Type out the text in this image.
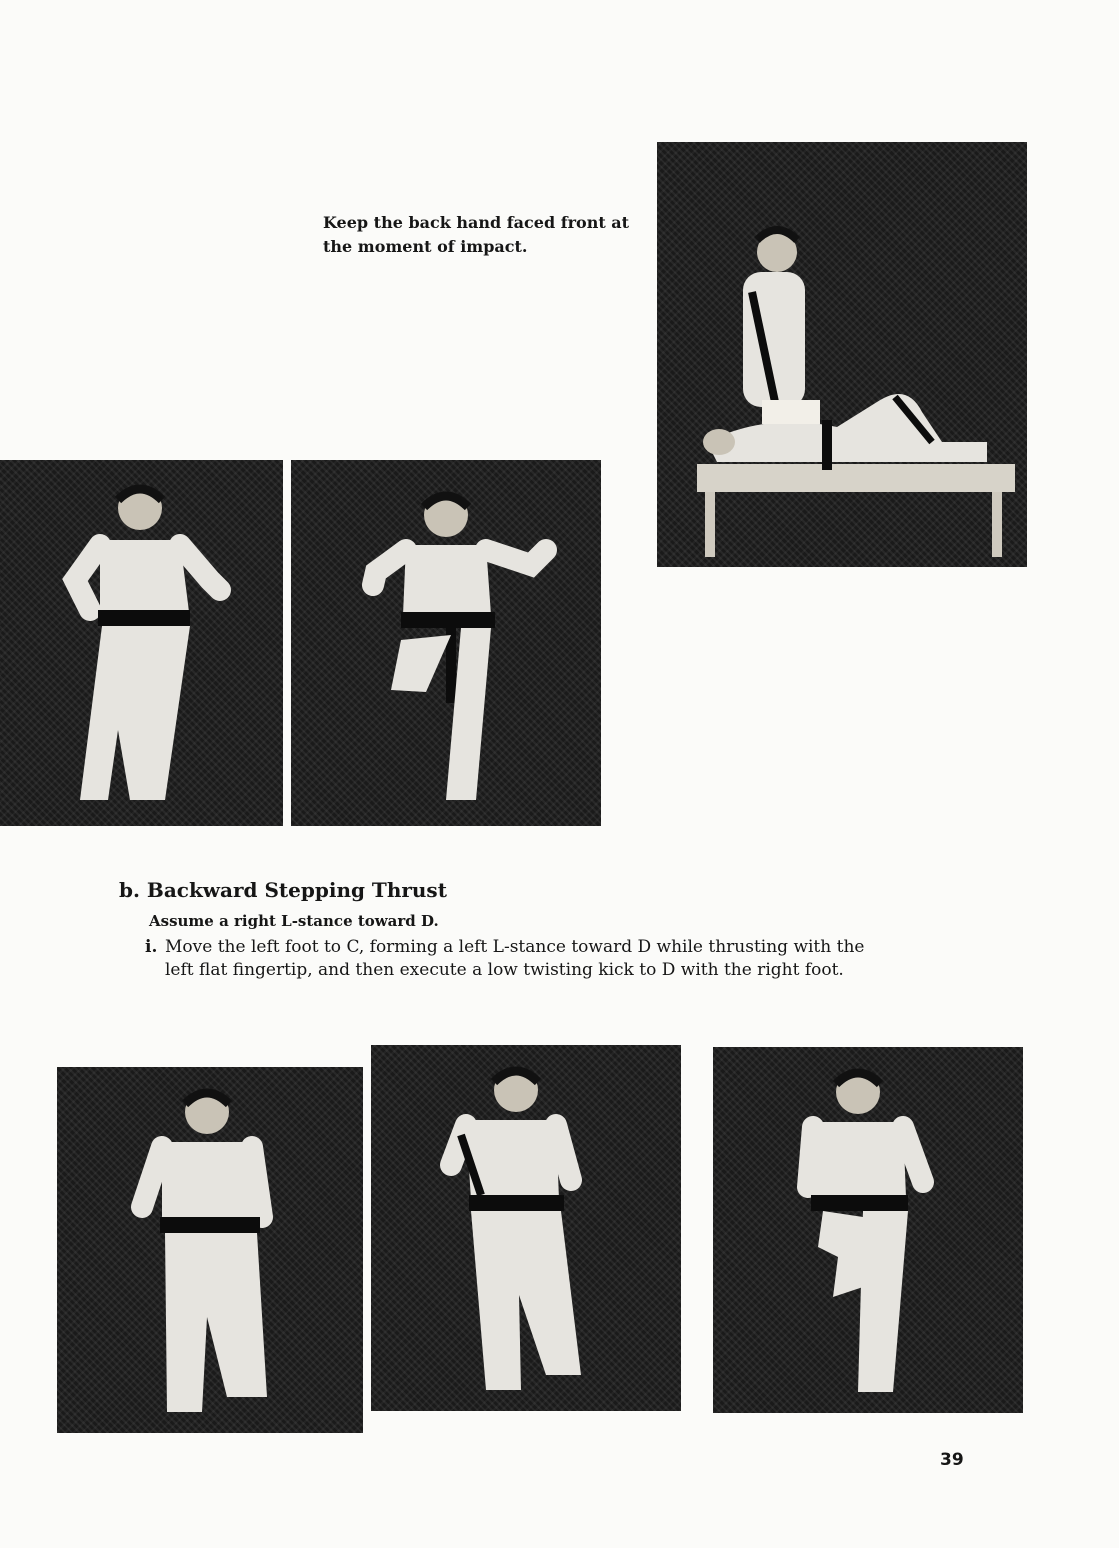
Keep the back hand faced front at the moment of impact.

b. Backward Stepping Thrust

Assume a right L-stance toward D.

i. Move the left foot to C, forming a left L-stance toward D while thrusting with the left flat fingertip, and then execute a low twisting kick to D with the right foot.

39
